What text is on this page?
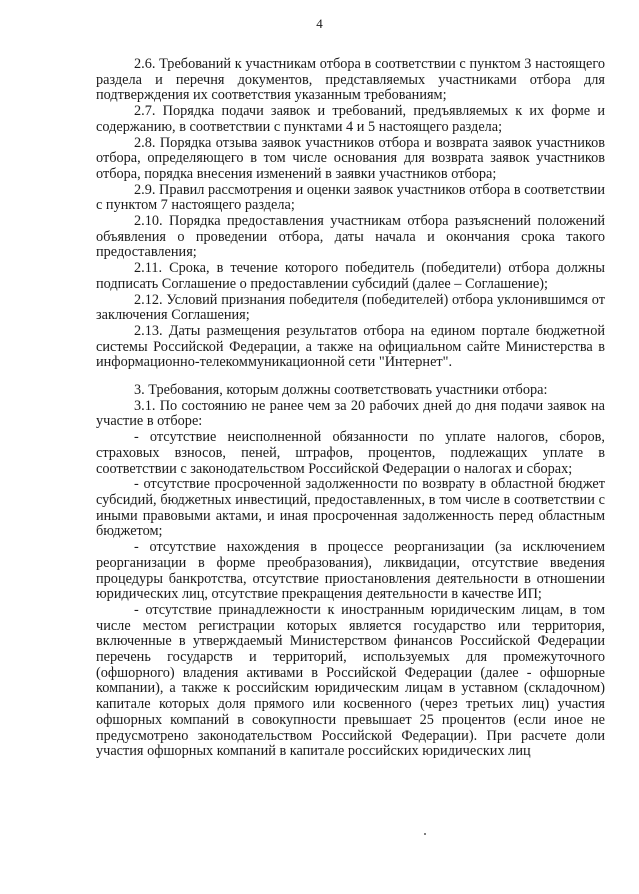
4

2.6. Требований к участникам отбора в соответствии с пунктом 3 настоящего раздела и перечня документов, представляемых участниками отбора для подтверждения их соответствия указанным требованиям;

2.7. Порядка подачи заявок и требований, предъявляемых к их форме и содержанию, в соответствии с пунктами 4 и 5 настоящего раздела;

2.8. Порядка отзыва заявок участников отбора и возврата заявок участников отбора, определяющего в том числе основания для возврата заявок участников отбора, порядка внесения изменений в заявки участников отбора;

2.9. Правил рассмотрения и оценки заявок участников отбора в соответствии с пунктом 7 настоящего раздела;

2.10. Порядка предоставления участникам отбора разъяснений положений объявления о проведении отбора, даты начала и окончания срока такого предоставления;

2.11. Срока, в течение которого победитель (победители) отбора должны подписать Соглашение о предоставлении субсидий (далее – Соглашение);

2.12. Условий признания победителя (победителей) отбора уклонившимся от заключения Соглашения;

2.13. Даты размещения результатов отбора на едином портале бюджетной системы Российской Федерации, а также на официальном сайте Министерства в информационно-телекоммуникационной сети "Интернет".

3. Требования, которым должны соответствовать участники отбора:

3.1. По состоянию не ранее чем за 20 рабочих дней до дня подачи заявок на участие в отборе:

- отсутствие неисполненной обязанности по уплате налогов, сборов, страховых взносов, пеней, штрафов, процентов, подлежащих уплате в соответствии с законодательством Российской Федерации о налогах и сборах;

- отсутствие просроченной задолженности по возврату в областной бюджет субсидий, бюджетных инвестиций, предоставленных, в том числе в соответствии с иными правовыми актами, и иная просроченная задолженность перед областным бюджетом;

- отсутствие нахождения в процессе реорганизации (за исключением реорганизации в форме преобразования), ликвидации, отсутствие введения процедуры банкротства, отсутствие приостановления деятельности в отношении юридических лиц, отсутствие прекращения деятельности в качестве ИП;

- отсутствие принадлежности к иностранным юридическим лицам, в том числе местом регистрации которых является государство или территория, включенные в утверждаемый Министерством финансов Российской Федерации перечень государств и территорий, используемых для промежуточного (офшорного) владения активами в Российской Федерации (далее - офшорные компании), а также к российским юридическим лицам в уставном (складочном) капитале которых доля прямого или косвенного (через третьих лиц) участия офшорных компаний в совокупности превышает 25 процентов (если иное не предусмотрено законодательством Российской Федерации). При расчете доли участия офшорных компаний в капитале российских юридических лиц
